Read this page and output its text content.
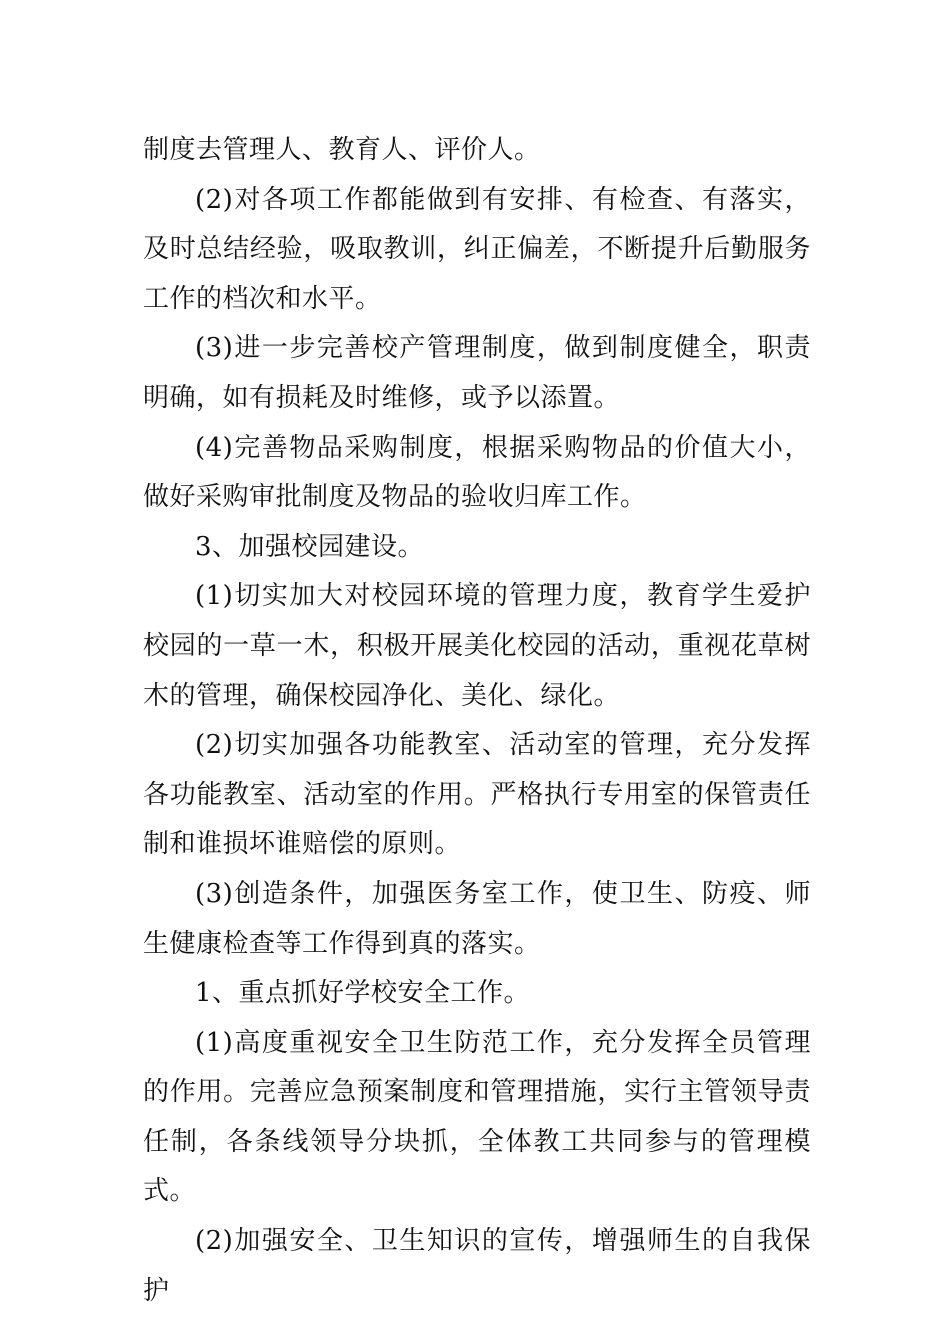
制度去管理人、教育人、评价人。

(2)对各项工作都能做到有安排、有检查、有落实，及时总结经验，吸取教训，纠正偏差，不断提升后勤服务工作的档次和水平。

(3)进一步完善校产管理制度，做到制度健全，职责明确，如有损耗及时维修，或予以添置。

(4)完善物品采购制度，根据采购物品的价值大小，做好采购审批制度及物品的验收归库工作。

3、加强校园建设。

(1)切实加大对校园环境的管理力度，教育学生爱护校园的一草一木，积极开展美化校园的活动，重视花草树木的管理，确保校园净化、美化、绿化。

(2)切实加强各功能教室、活动室的管理，充分发挥各功能教室、活动室的作用。严格执行专用室的保管责任制和谁损坏谁赔偿的原则。

(3)创造条件，加强医务室工作，使卫生、防疫、师生健康检查等工作得到真的落实。

1、重点抓好学校安全工作。

(1)高度重视安全卫生防范工作，充分发挥全员管理的作用。完善应急预案制度和管理措施，实行主管领导责任制，各条线领导分块抓，全体教工共同参与的管理模式。

(2)加强安全、卫生知识的宣传，增强师生的自我保护
